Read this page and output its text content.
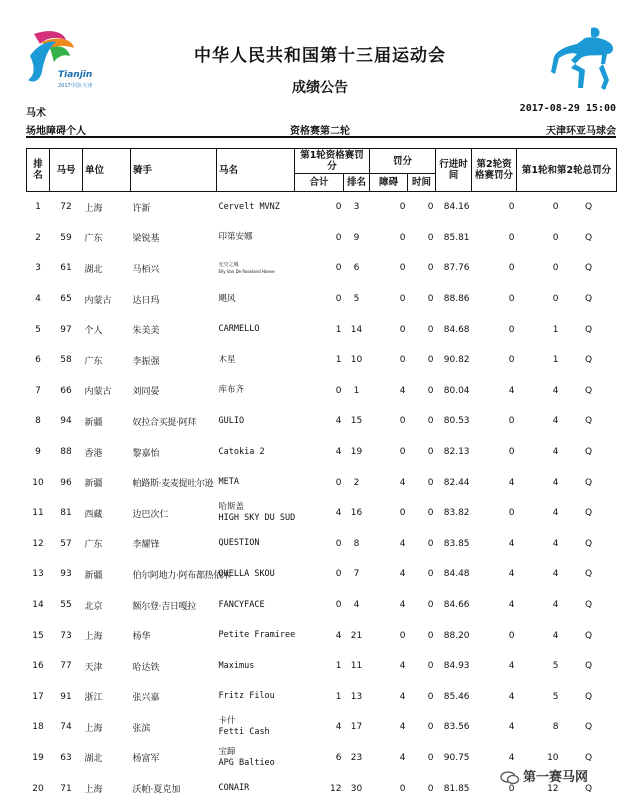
Tianjin
2017中国·天津
中华人民共和国第十三届运动会
成绩公告
马术	2017-08-29 15:00
场地障碍个人	资格赛第二轮	天津环亚马球会
排名	马号	单位	骑手	马名	第1轮资格赛罚分		罚分		行进时间	第2轮资格赛罚分	第1轮和第2轮总罚分	
					合计	排名	障碍	时间				
1	72	上海	许新	Cervelt MVNZ	0	3	0	0	84.16	0	0	Q
2	59	广东	梁锐基	印第安娜	0	9	0	0	85.81	0	0	Q
3	61	湖北	马栢兴	无空之城
Elly Van De Roseland Hoeve	0	6	0	0	87.76	0	0	Q
4	65	内蒙古	达日玛	飓风	0	5	0	0	88.86	0	0	Q
5	97	个人	朱美美	CARMELLO	1	14	0	0	84.68	0	1	Q
6	58	广东	李振强	木星	1	10	0	0	90.82	0	1	Q
7	66	内蒙古	刘同晏	库布齐	0	1	4	0	80.04	4	4	Q
8	94	新疆	奴拉合买提·阿拜	GULIO	4	15	0	0	80.53	0	4	Q
9	88	香港	黎嘉怡	Catokia 2	4	19	0	0	82.13	0	4	Q
10	96	新疆	帕路斯·麦麦提吐尔逊	META	0	2	4	0	82.44	4	4	Q
11	81	西藏	边巴次仁	哈斯盖
HIGH SKY DU SUD	4	16	0	0	83.82	0	4	Q
12	57	广东	李耀锋	QUESTION	0	8	4	0	83.85	4	4	Q
13	93	新疆	伯尔阿地力·阿布都热依木	QUELLA SKOU	0	7	4	0	84.48	4	4	Q
14	55	北京	额尔登·吉日嘎拉	FANCYFACE	0	4	4	0	84.66	4	4	Q
15	73	上海	杨华	Petite Framiree	4	21	0	0	88.20	0	4	Q
16	77	天津	哈达铁	Maximus	1	11	4	0	84.93	4	5	Q
17	91	浙江	张兴嘉	Fritz Filou	1	13	4	0	85.46	4	5	Q
18	74	上海	张滨	卡什
Fetti Cash	4	17	4	0	83.56	4	8	Q
19	63	湖北	杨富军	宝蹄
APG Baltieo	6	23	4	0	90.75	4	10	Q
20	71	上海	沃帕·夏克加	CONAIR	12	30	0	0	81.85	0	12	Q
第一赛马网
